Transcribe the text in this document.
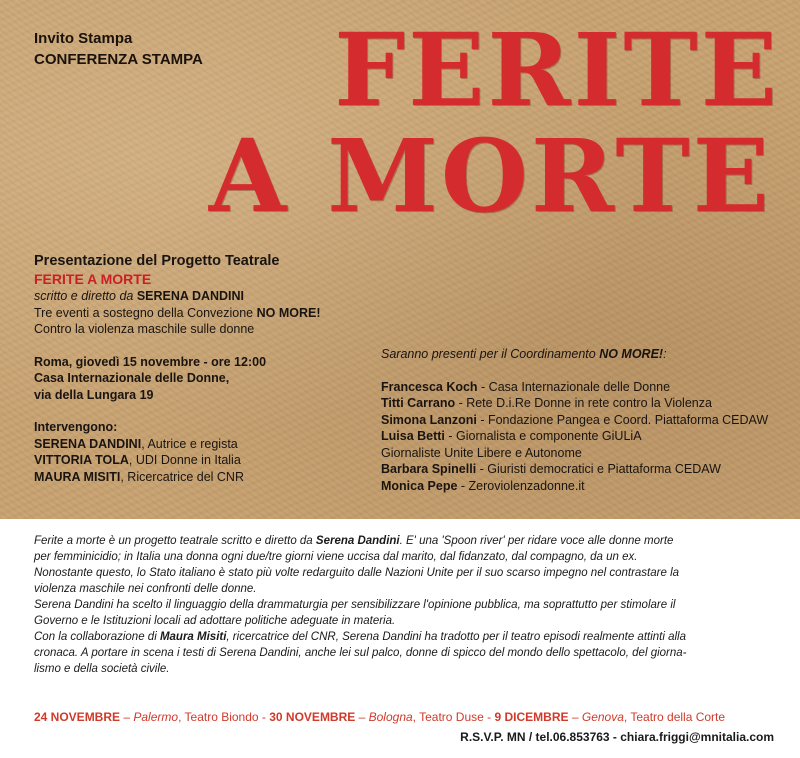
Invito Stampa
CONFERENZA STAMPA FERITE
A MORTE
Presentazione del Progetto Teatrale
FERITE A MORTE
scritto e diretto da SERENA DANDINI
Tre eventi a sostegno della Convezione NO MORE!
Contro la violenza maschile sulle donne
Roma, giovedì 15 novembre - ore 12:00
Casa Internazionale delle Donne,
via della Lungara 19
Intervengono:
SERENA DANDINI, Autrice e regista
VITTORIA TOLA, UDI Donne in Italia
MAURA MISITI, Ricercatrice del CNR
Saranno presenti per il Coordinamento NO MORE!:
Francesca Koch - Casa Internazionale delle Donne
Titti Carrano - Rete D.i.Re Donne in rete contro la Violenza
Simona Lanzoni - Fondazione Pangea e Coord. Piattaforma CEDAW
Luisa Betti - Giornalista e componente GiULiA
Giornaliste Unite Libere e Autonome
Barbara Spinelli - Giuristi democratici e Piattaforma CEDAW
Monica Pepe - Zeroviolenzadonne.it
Ferite a morte è un progetto teatrale scritto e diretto da Serena Dandini. E' una 'Spoon river' per ridare voce alle donne morte
per femminicidio; in Italia una donna ogni due/tre giorni viene uccisa dal marito, dal fidanzato, dal compagno, da un ex.
Nonostante questo, lo Stato italiano è stato più volte redarguito dalle Nazioni Unite per il suo scarso impegno nel contrastare la
violenza maschile nei confronti delle donne.
Serena Dandini ha scelto il linguaggio della drammaturgia per sensibilizzare l'opinione pubblica, ma soprattutto per stimolare il
Governo e le Istituzioni locali ad adottare politiche adeguate in materia.
Con la collaborazione di Maura Misiti, ricercatrice del CNR, Serena Dandini ha tradotto per il teatro episodi realmente attinti alla
cronaca. A portare in scena i testi di Serena Dandini, anche lei sul palco, donne di spicco del mondo dello spettacolo, del giorna-
lismo e della società civile.
24 NOVEMBRE – Palermo, Teatro Biondo - 30 NOVEMBRE – Bologna, Teatro Duse - 9 DICEMBRE – Genova, Teatro della Corte
R.S.V.P. MN / tel.06.853763 - chiara.friggi@mnitalia.com
